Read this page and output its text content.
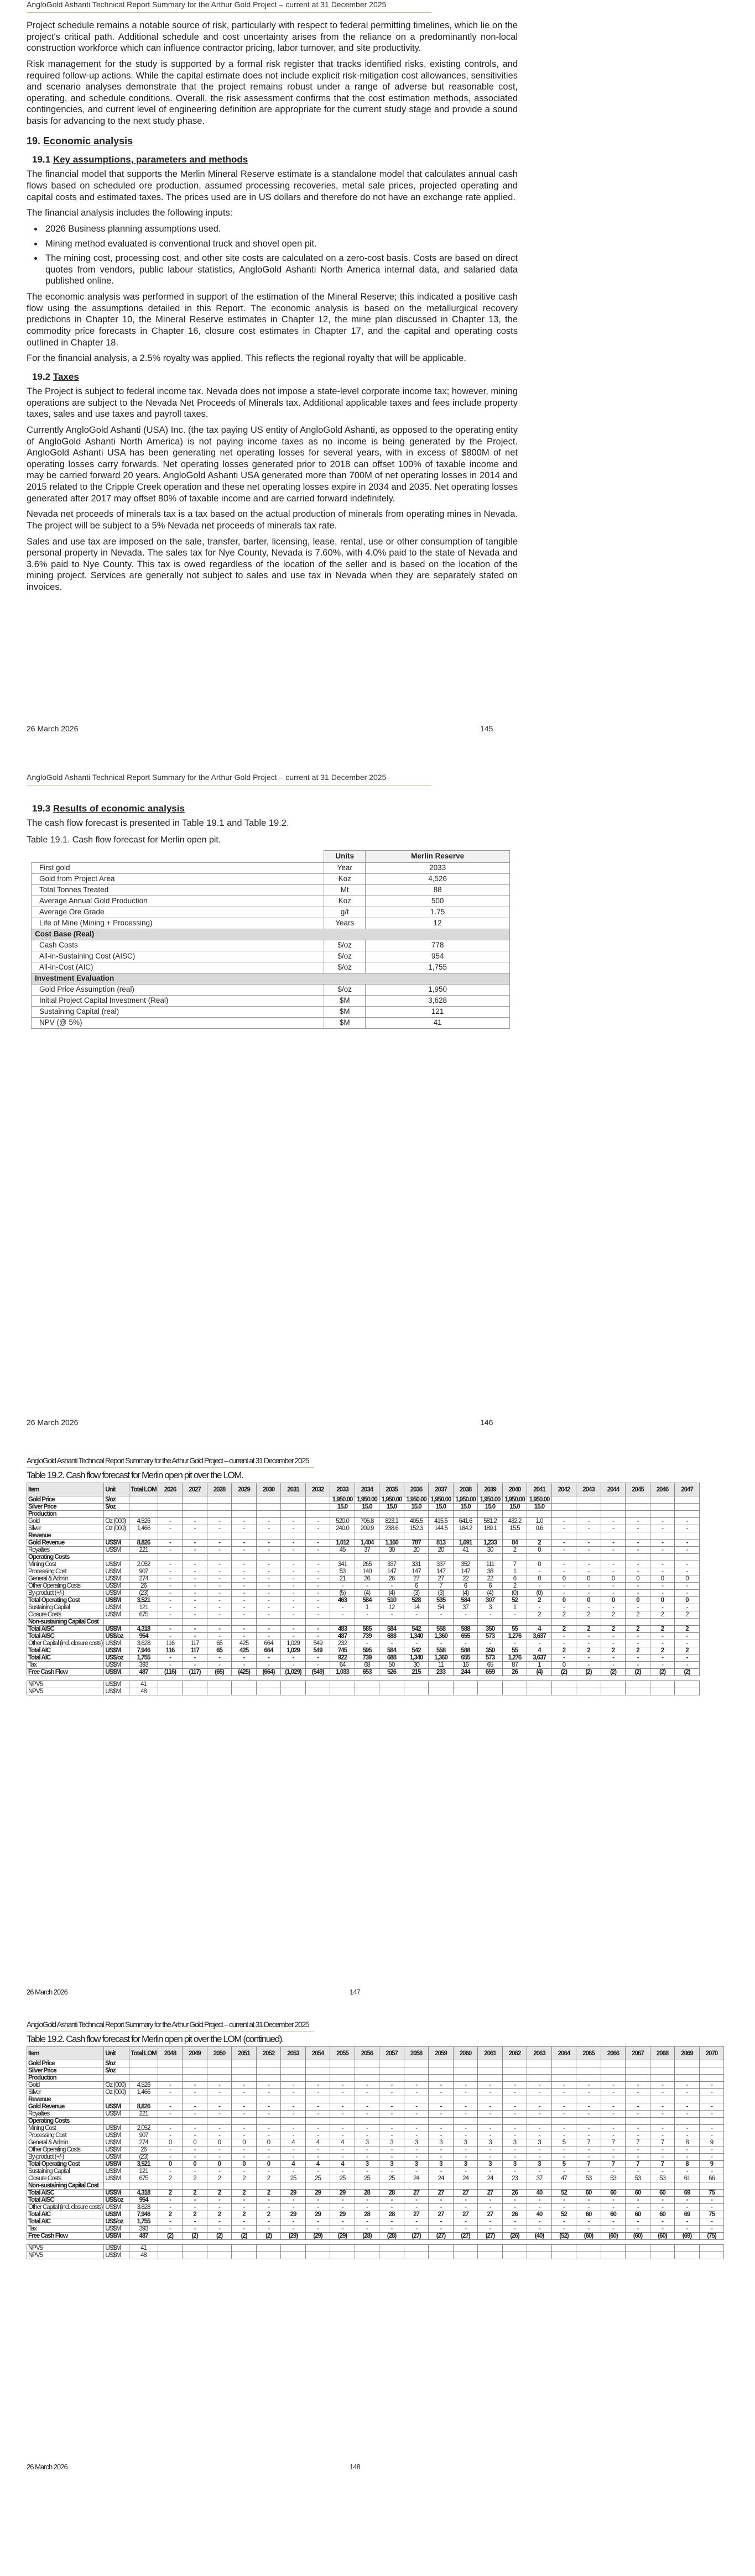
AngloGold Ashanti Technical Report Summary for the Arthur Gold Project – current at 31 December 2025

Project schedule remains a notable source of risk, particularly with respect to federal permitting timelines, which lie on the project's critical path. Additional schedule and cost uncertainty arises from the reliance on a predominantly non-local construction workforce which can influence contractor pricing, labor turnover, and site productivity.

Risk management for the study is supported by a formal risk register that tracks identified risks, existing controls, and required follow-up actions. While the capital estimate does not include explicit risk-mitigation cost allowances, sensitivities and scenario analyses demonstrate that the project remains robust under a range of adverse but reasonable cost, operating, and schedule conditions. Overall, the risk assessment confirms that the cost estimation methods, associated contingencies, and current level of engineering definition are appropriate for the current study stage and provide a sound basis for advancing to the next study phase.

19. Economic analysis
19.1 Key assumptions, parameters and methods

The financial model that supports the Merlin Mineral Reserve estimate is a standalone model that calculates annual cash flows based on scheduled ore production, assumed processing recoveries, metal sale prices, projected operating and capital costs and estimated taxes. The prices used are in US dollars and therefore do not have an exchange rate applied.

The financial analysis includes the following inputs:

• 2026 Business planning assumptions used.
• Mining method evaluated is conventional truck and shovel open pit.
• The mining cost, processing cost, and other site costs are calculated on a zero-cost basis. Costs are based on direct quotes from vendors, public labour statistics, AngloGold Ashanti North America internal data, and salaried data published online.

The economic analysis was performed in support of the estimation of the Mineral Reserve; this indicated a positive cash flow using the assumptions detailed in this Report. The economic analysis is based on the metallurgical recovery predictions in Chapter 10, the Mineral Reserve estimates in Chapter 12, the mine plan discussed in Chapter 13, the commodity price forecasts in Chapter 16, closure cost estimates in Chapter 17, and the capital and operating costs outlined in Chapter 18.

For the financial analysis, a 2.5% royalty was applied. This reflects the regional royalty that will be applicable.

19.2 Taxes

The Project is subject to federal income tax. Nevada does not impose a state-level corporate income tax; however, mining operations are subject to the Nevada Net Proceeds of Minerals tax. Additional applicable taxes and fees include property taxes, sales and use taxes and payroll taxes.

Currently AngloGold Ashanti (USA) Inc. (the tax paying US entity of AngloGold Ashanti, as opposed to the operating entity of AngloGold Ashanti North America) is not paying income taxes as no income is being generated by the Project. AngloGold Ashanti USA has been generating net operating losses for several years, with in excess of $800M of net operating losses carry forwards. Net operating losses generated prior to 2018 can offset 100% of taxable income and may be carried forward 20 years. AngloGold Ashanti USA generated more than 700M of net operating losses in 2014 and 2015 related to the Cripple Creek operation and these net operating losses expire in 2034 and 2035. Net operating losses generated after 2017 may offset 80% of taxable income and are carried forward indefinitely.

Nevada net proceeds of minerals tax is a tax based on the actual production of minerals from operating mines in Nevada. The project will be subject to a 5% Nevada net proceeds of minerals tax rate.

Sales and use tax are imposed on the sale, transfer, barter, licensing, lease, rental, use or other consumption of tangible personal property in Nevada. The sales tax for Nye County, Nevada is 7.60%, with 4.0% paid to the state of Nevada and 3.6% paid to Nye County. This tax is owed regardless of the location of the seller and is based on the location of the mining project. Services are generally not subject to sales and use tax in Nevada when they are separately stated on invoices.

26 March 2026	145
AngloGold Ashanti Technical Report Summary for the Arthur Gold Project – current at 31 December 2025
19.3 Results of economic analysis

The cash flow forecast is presented in Table 19.1 and Table 19.2.

Table 19.1. Cash flow forecast for Merlin open pit.
	Units	Merlin Reserve
First gold	Year	2033
Gold from Project Area	Koz	4,526
Total Tonnes Treated	Mt	88
Average Annual Gold Production	Koz	500
Average Ore Grade	g/t	1.75
Life of Mine (Mining + Processing)	Years	12
Cost Base (Real)		
Cash Costs	$/oz	778
All-in-Sustaining Cost (AISC)	$/oz	954
All-in-Cost (AIC)	$/oz	1,755
Investment Evaluation		
Gold Price Assumption (real)	$/oz	1,950
Initial Project Capital Investment (Real)	$M	3,628
Sustaining Capital (real)	$M	121
NPV (@ 5%)	$M	41
26 March 2026	146
AngloGold Ashanti Technical Report Summary for the Arthur Gold Project – current at 31 December 2025
Table 19.2. Cash flow forecast for Merlin open pit over the LOM.
Item	Unit	Total LOM	2026	2027	2028	2029	2030	2031	2032	2033	2034	2035	2036	2037	2038	2039	2040	2041	2042	2043	2044	2045	2046	2047
Gold Price	$/oz									1,950.00	1,950.00	1,950.00	1,950.00	1,950.00	1,950.00	1,950.00	1,950.00	1,950.00						
Silver Price	$/oz									15.0	15.0	15.0	15.0	15.0	15.0	15.0	15.0	15.0						
Production																								
Gold	Oz (000)	4,526	-	-	-	-	-	-	-	520.0	705.8	823.1	405.5	415.5	641.6	581.2	432.2	1.0	-	-	-	-	-	-
Silver	Oz (000)	1,466	-	-	-	-	-	-	-	240.0	209.9	238.6	152.3	144.5	184.2	189.1	15.5	0.6	-	-	-	-	-	-
Revenue																								
Gold Revenue	US$M	8,826	-	-	-	-	-	-	-	1,012	1,404	1,160	787	813	1,691	1,233	84	2	-	-	-	-	-	-
Royalties	US$M	221	-	-	-	-	-	-	-	45	37	30	20	20	41	30	2	0	-	-	-	-	-	-
Operating Costs																								
Mining Cost	US$M	2,052	-	-	-	-	-	-	-	341	265	337	331	337	352	111	7	0	-	-	-	-	-	-
Processing Cost	US$M	907	-	-	-	-	-	-	-	53	140	147	147	147	147	38	1	-	-	-	-	-	-	-
General & Admin	US$M	274	-	-	-	-	-	-	-	21	26	26	27	27	22	22	6	0	0	0	0	0	0	0
Other Operating Costs	US$M	26	-	-	-	-	-	-	-	-	-	-	6	7	6	6	2	-	-	-	-	-	-	-
By-product (+/-)	US$M	(23)	-	-	-	-	-	-	-	(5)	(4)	(4)	(3)	(3)	(4)	(4)	(0)	(0)	-	-	-	-	-	-
Total Operating Cost	US$M	3,521	-	-	-	-	-	-	-	463	584	510	528	535	584	307	52	2	0	0	0	0	0	0
Sustaining Capital	US$M	121	-	-	-	-	-	-	-	-	1	12	14	54	37	3	1	-	-	-	-	-	-	-
Closure Costs	US$M	675	-	-	-	-	-	-	-	-	-	-	-	-	-	-	-	2	2	2	2	2	2	2
Non-sustaining Capital Cost																								
Total AISC	US$M	4,318	-	-	-	-	-	-	-	483	585	584	542	558	588	350	55	4	2	2	2	2	2	2
Total AISC	US$/oz	954	-	-	-	-	-	-	-	487	739	688	1,340	1,360	655	573	1,276	3,637	-	-	-	-	-	-
Other Capital (incl. closure costs)	US$M	3,628	116	117	65	425	664	1,029	549	232	-	-	-	-	-	-	-	-	-	-	-	-	-	-
Total AIC	US$M	7,946	116	117	65	425	664	1,029	549	745	595	584	542	558	588	350	55	4	2	2	2	2	2	2
Total AIC	US$/oz	1,755	-	-	-	-	-	-	-	922	739	688	1,340	1,360	655	573	1,276	3,637	-	-	-	-	-	-
Tax	US$M	393	-	-	-	-	-	-	-	64	68	50	30	11	16	65	87	1	0	-	-	-	-	-
Free Cash Flow	US$M	487	(116)	(117)	(65)	(425)	(664)	(1,029)	(549)	1,033	653	526	215	233	244	659	26	(4)	(2)	(2)	(2)	(2)	(2)	(2)

NPV5	US$M	41																						
NPV5	US$M	48																						
26 March 2026	147
AngloGold Ashanti Technical Report Summary for the Arthur Gold Project – current at 31 December 2025
Table 19.2. Cash flow forecast for Merlin open pit over the LOM (continued).
Item	Unit	Total LOM	2048	2049	2050	2051	2052	2053	2054	2055	2056	2057	2058	2059	2060	2061	2062	2063	2064	2065	2066	2067	2068	2069	2070
Gold Price	$/oz																								
Silver Price	$/oz																								
Production																									
Gold	Oz (000)	4,526	-	-	-	-	-	-	-	-	-	-	-	-	-	-	-	-	-	-	-	-	-	-	-
Silver	Oz (000)	1,466	-	-	-	-	-	-	-	-	-	-	-	-	-	-	-	-	-	-	-	-	-	-	-
Revenue																									
Gold Revenue	US$M	8,826	-	-	-	-	-	-	-	-	-	-	-	-	-	-	-	-	-	-	-	-	-	-	-
Royalties	US$M	221	-	-	-	-	-	-	-	-	-	-	-	-	-	-	-	-	-	-	-	-	-	-	-
Operating Costs																									
Mining Cost	US$M	2,052	-	-	-	-	-	-	-	-	-	-	-	-	-	-	-	-	-	-	-	-	-	-	-
Processing Cost	US$M	907	-	-	-	-	-	-	-	-	-	-	-	-	-	-	-	-	-	-	-	-	-	-	-
General & Admin	US$M	274	0	0	0	0	0	4	4	4	3	3	3	3	3	3	3	3	5	7	7	7	7	8	9
Other Operating Costs	US$M	26	-	-	-	-	-	-	-	-	-	-	-	-	-	-	-	-	-	-	-	-	-	-	-
By-product (+/-)	US$M	(23)	-	-	-	-	-	-	-	-	-	-	-	-	-	-	-	-	-	-	-	-	-	-	-
Total Operating Cost	US$M	3,521	0	0	0	0	0	4	4	4	3	3	3	3	3	3	3	3	5	7	7	7	7	8	9
Sustaining Capital	US$M	121	-	-	-	-	-	-	-	-	-	-	-	-	-	-	-	-	-	-	-	-	-	-	-
Closure Costs	US$M	675	2	2	2	2	2	25	25	25	25	25	24	24	24	24	23	37	47	53	53	53	53	61	66
Non-sustaining Capital Cost																									
Total AISC	US$M	4,318	2	2	2	2	2	29	29	29	28	28	27	27	27	27	26	40	52	60	60	60	60	69	75
Total AISC	US$/oz	954	-	-	-	-	-	-	-	-	-	-	-	-	-	-	-	-	-	-	-	-	-	-	-
Other Capital (incl. closure costs)	US$M	3,628	-	-	-	-	-	-	-	-	-	-	-	-	-	-	-	-	-	-	-	-	-	-	-
Total AIC	US$M	7,946	2	2	2	2	2	29	29	29	28	28	27	27	27	27	26	40	52	60	60	60	60	69	75
Total AIC	US$/oz	1,755	-	-	-	-	-	-	-	-	-	-	-	-	-	-	-	-	-	-	-	-	-	-	-
Tax	US$M	393	-	-	-	-	-	-	-	-	-	-	-	-	-	-	-	-	-	-	-	-	-	-	-
Free Cash Flow	US$M	487	(2)	(2)	(2)	(2)	(2)	(29)	(29)	(29)	(28)	(28)	(27)	(27)	(27)	(27)	(26)	(40)	(52)	(60)	(60)	(60)	(60)	(69)	(75)

NPV5	US$M	41																							
NPV5	US$M	48																							
26 March 2026	148
